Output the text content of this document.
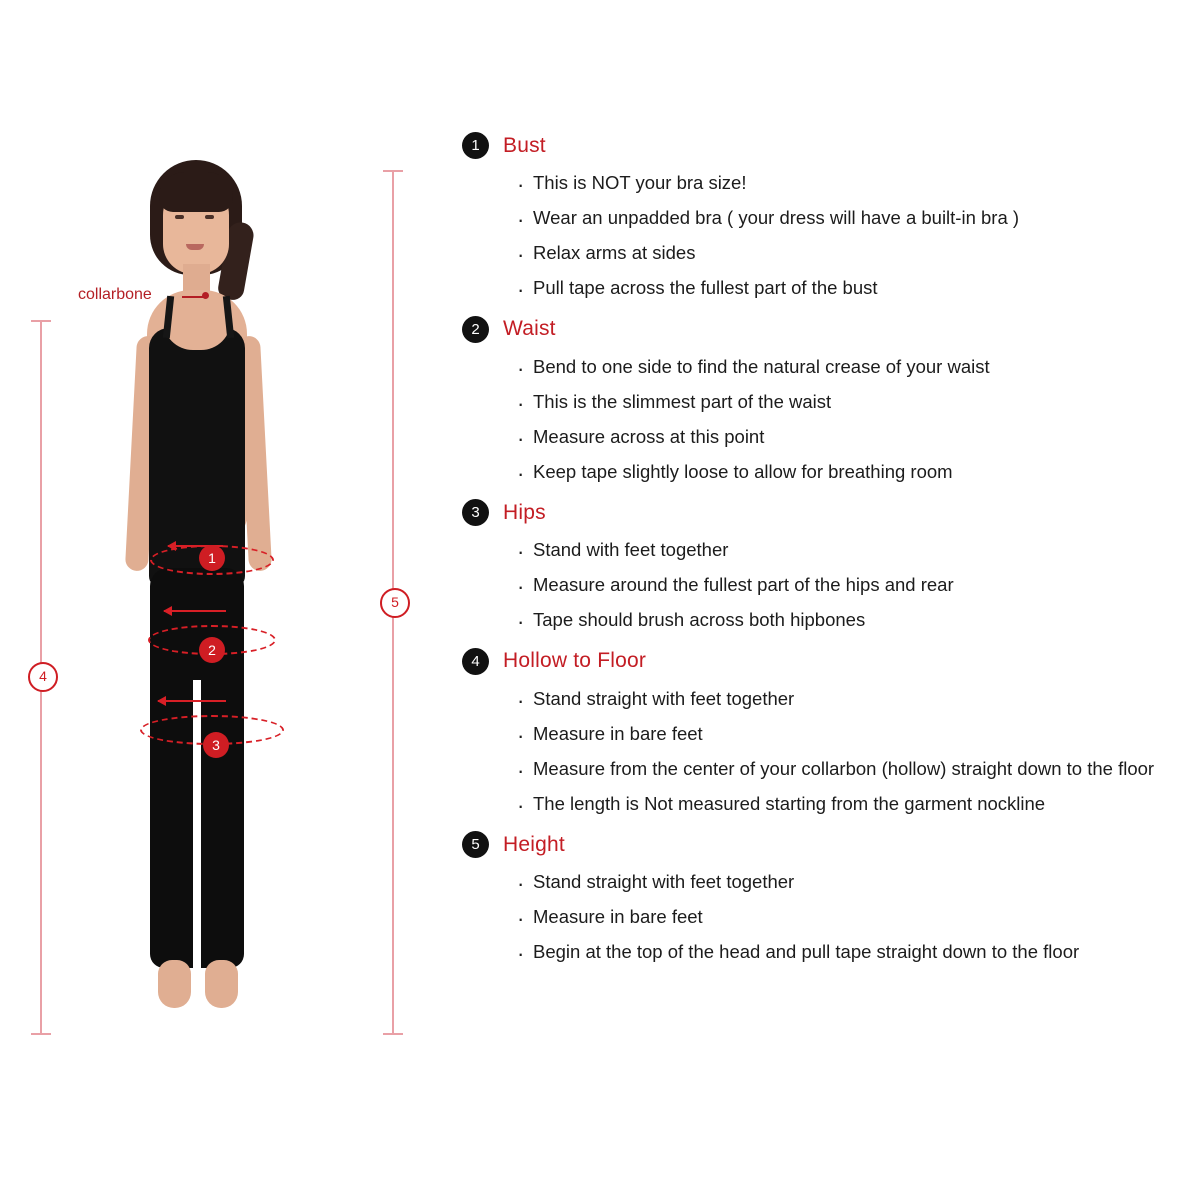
collarbone
1
2
3
4
5
1	Bust
· This is NOT your bra size!
· Wear an unpadded bra ( your dress will have a built-in bra )
· Relax arms at sides
· Pull tape across the fullest part of the bust
2	Waist
· Bend to one side to find the natural crease of your waist
· This is the slimmest part of the waist
· Measure across at this point
· Keep tape slightly loose to allow for breathing room
3	Hips
· Stand with feet together
· Measure around the fullest part of the hips and rear
· Tape should brush across both hipbones
4	Hollow to Floor
· Stand straight with feet together
· Measure in bare feet
· Measure from the center of your collarbon (hollow) straight down to the floor
· The length is Not measured starting from the garment nockline
5	Height
· Stand straight with feet together
· Measure in bare feet
· Begin at the top of the head and pull tape straight down to the floor
